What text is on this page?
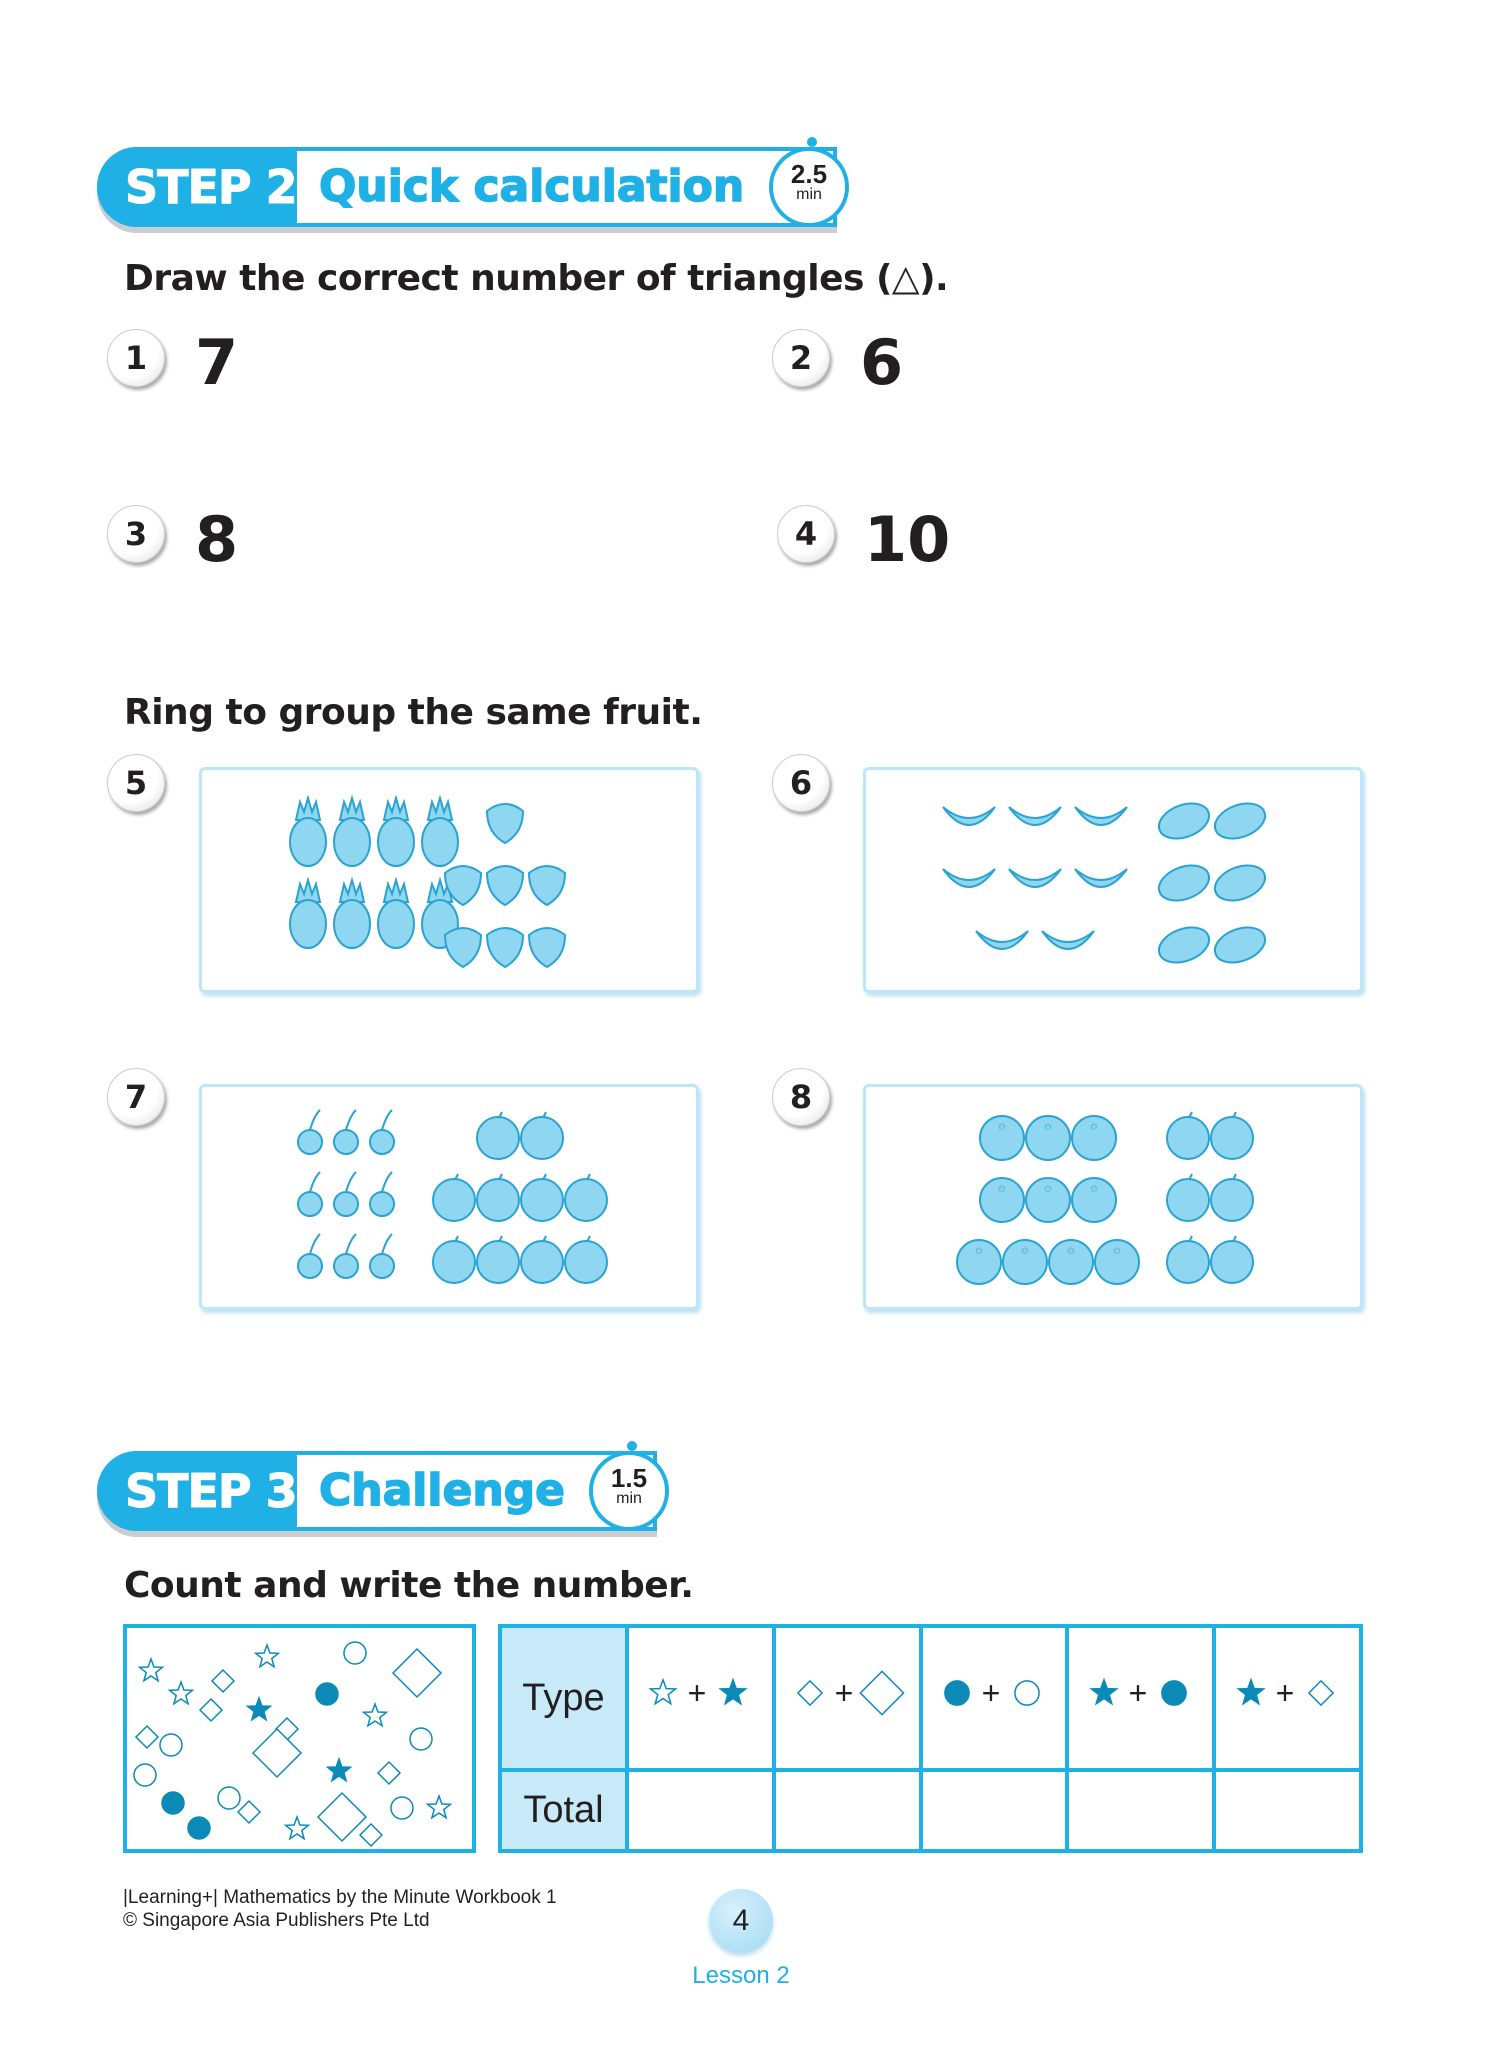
STEP 2 Quick calculation	2.5
min
Draw the correct number of triangles (△).
1 7	2 6
3 8	4 10
Ring to group the same fruit.
5	6
7	8
✩	✩	✩
✩	✩	✩
✩	✩	✩	✩
STEP 3 Challenge	1.5
min
Count and write the number.
Type	+	+	+	+	+

Total					
|Learning+| Mathematics by the Minute Workbook 1
© Singapore Asia Publishers Pte Ltd	4
Lesson 2
